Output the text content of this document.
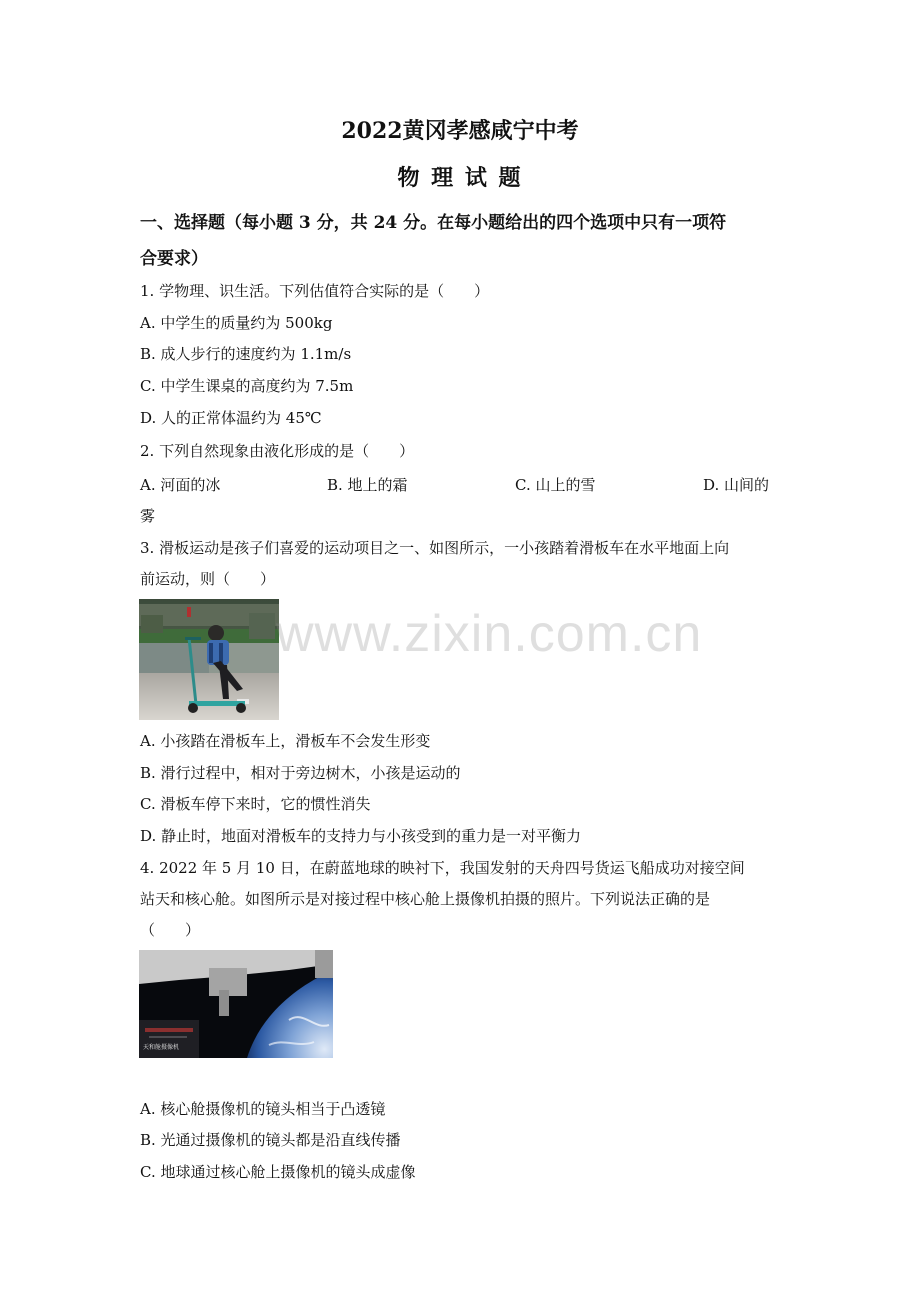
2022黄冈孝感咸宁中考
物 理 试 题
一、选择题（每小题 3 分，共 24 分。在每小题给出的四个选项中只有一项符
合要求）
1. 学物理、识生活。下列估值符合实际的是（　　）
A. 中学生的质量约为 500kg
B. 成人步行的速度约为 1.1m/s
C. 中学生课桌的高度约为 7.5m
D. 人的正常体温约为 45℃
2. 下列自然现象由液化形成的是（　　）
A. 河面的冰	B. 地上的霜	C. 山上的雪	D. 山间的
雾
3. 滑板运动是孩子们喜爱的运动项目之一、如图所示，一小孩踏着滑板车在水平地面上向
前运动，则（　　）
A. 小孩踏在滑板车上，滑板车不会发生形变
B. 滑行过程中，相对于旁边树木，小孩是运动的
C. 滑板车停下来时，它的惯性消失
D. 静止时，地面对滑板车的支持力与小孩受到的重力是一对平衡力
4. 2022 年 5 月 10 日，在蔚蓝地球的映衬下，我国发射的天舟四号货运飞船成功对接空间
站天和核心舱。如图所示是对接过程中核心舱上摄像机拍摄的照片。下列说法正确的是
（　　）
天和舱摄像机
A. 核心舱摄像机的镜头相当于凸透镜
B. 光通过摄像机的镜头都是沿直线传播
C. 地球通过核心舱上摄像机的镜头成虚像
www.zixin.com.cn
